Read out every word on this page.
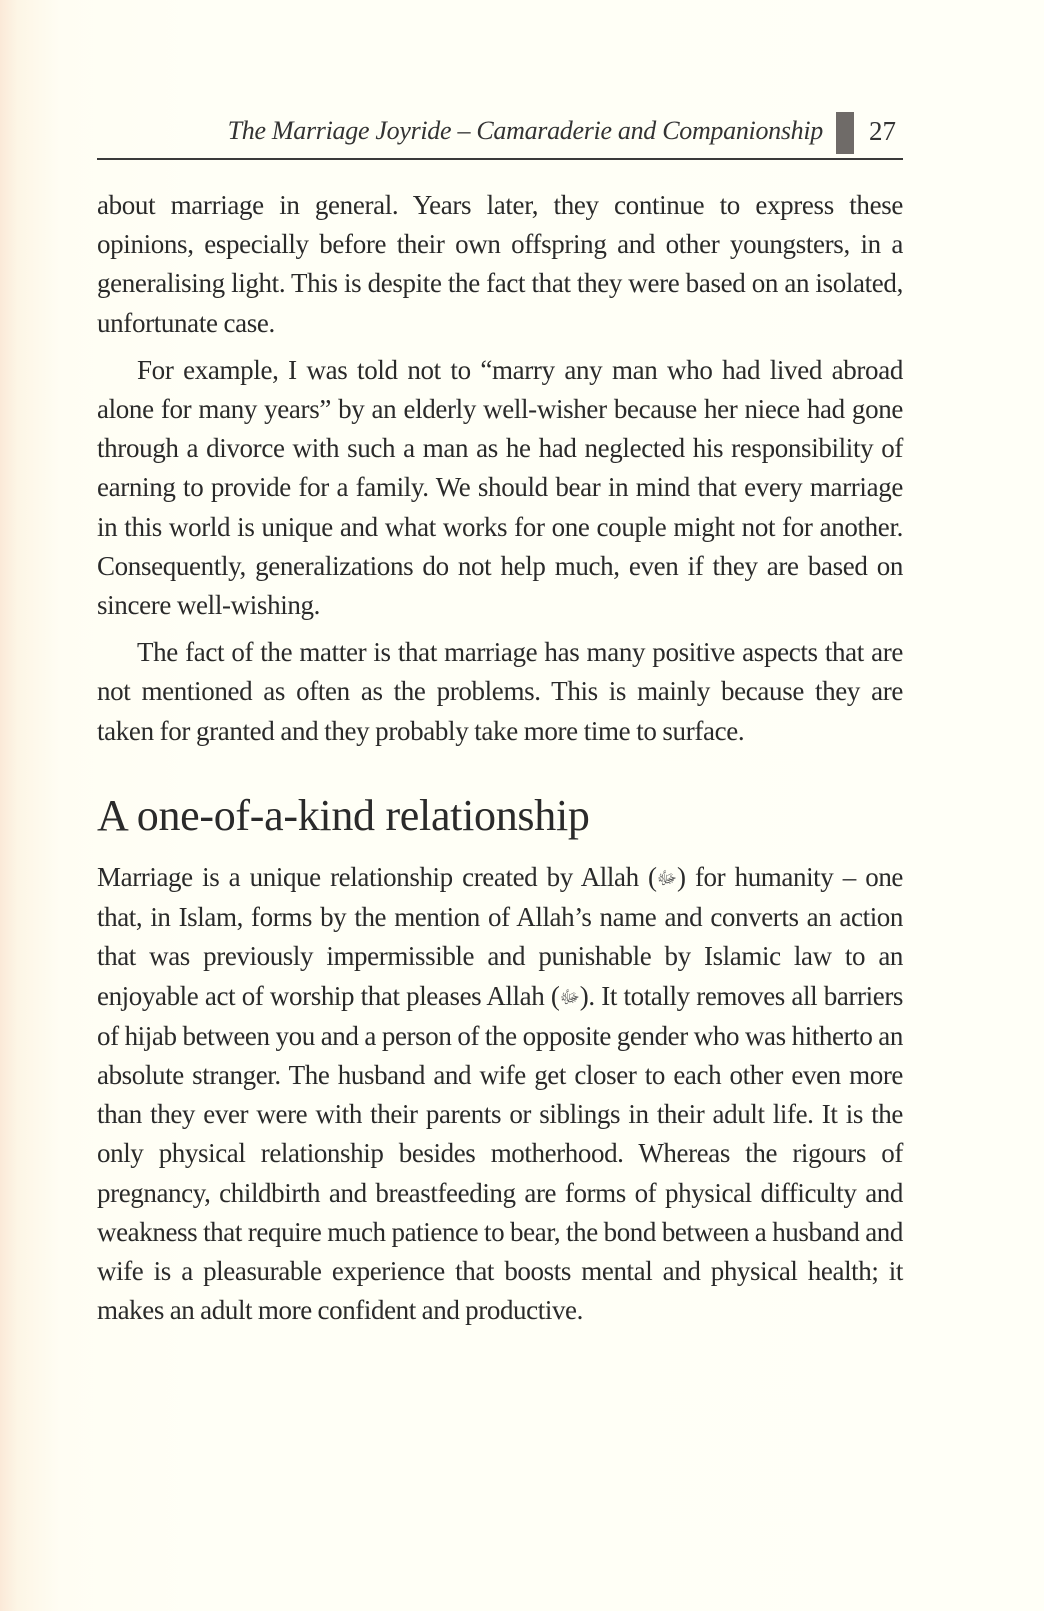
The Marriage Joyride – Camaraderie and Companionship 27

about marriage in general. Years later, they continue to express these opinions, especially before their own offspring and other youngsters, in a generalising light. This is despite the fact that they were based on an isolated, unfortunate case.

For example, I was told not to “marry any man who had lived abroad alone for many years” by an elderly well-wisher because her niece had gone through a divorce with such a man as he had neglected his responsibility of earning to provide for a family. We should bear in mind that every marriage in this world is unique and what works for one couple might not for another. Consequently, generalizations do not help much, even if they are based on sincere well-wishing.

The fact of the matter is that marriage has many positive aspects that are not mentioned as often as the problems. This is mainly because they are taken for granted and they probably take more time to surface.

A one-of-a-kind relationship

Marriage is a unique relationship created by Allah (ﷻ) for humanity – one that, in Islam, forms by the mention of Allah’s name and converts an action that was previously impermissible and punishable by Islamic law to an enjoyable act of worship that pleases Allah (ﷻ). It totally removes all barriers of hijab between you and a person of the opposite gender who was hitherto an absolute stranger. The husband and wife get closer to each other even more than they ever were with their parents or siblings in their adult life. It is the only physical relationship besides motherhood. Whereas the rigours of pregnancy, childbirth and breastfeeding are forms of physical difficulty and weakness that require much patience to bear, the bond between a husband and wife is a pleasurable experience that boosts mental and physical health; it makes an adult more confident and productive.
